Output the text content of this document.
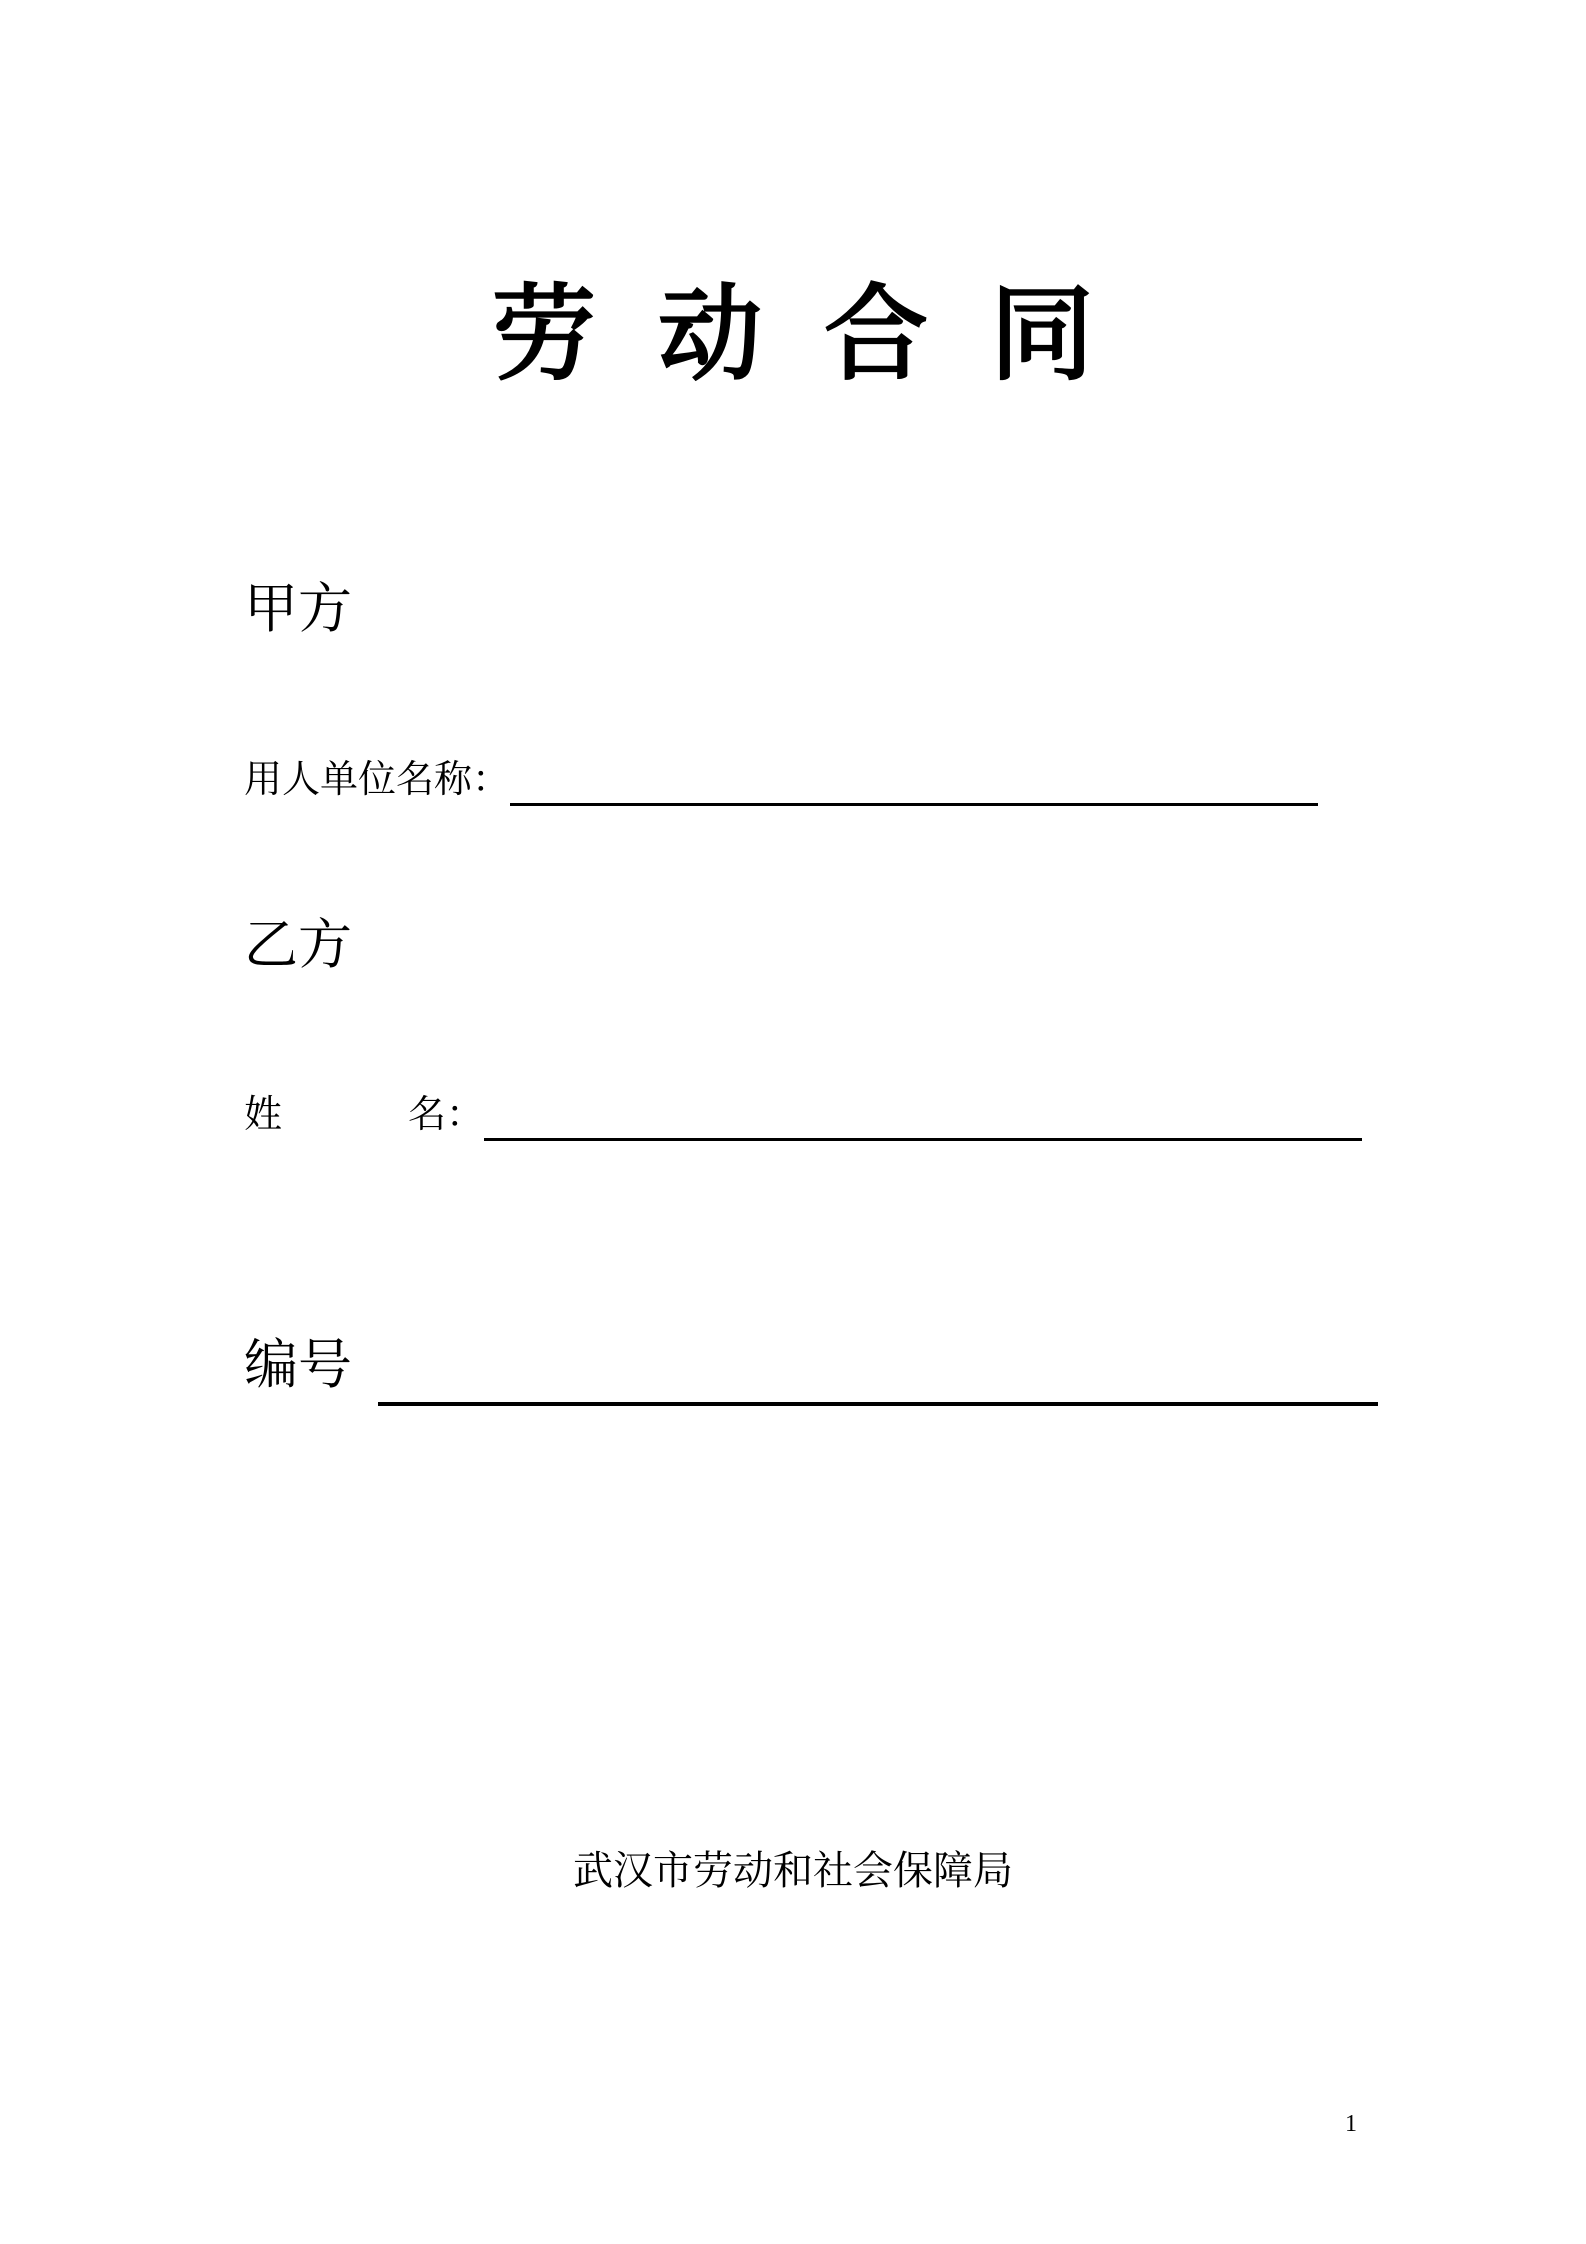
劳动合同
甲方
用人单位名称：
乙方
姓	名：
编号
武汉市劳动和社会保障局
1
